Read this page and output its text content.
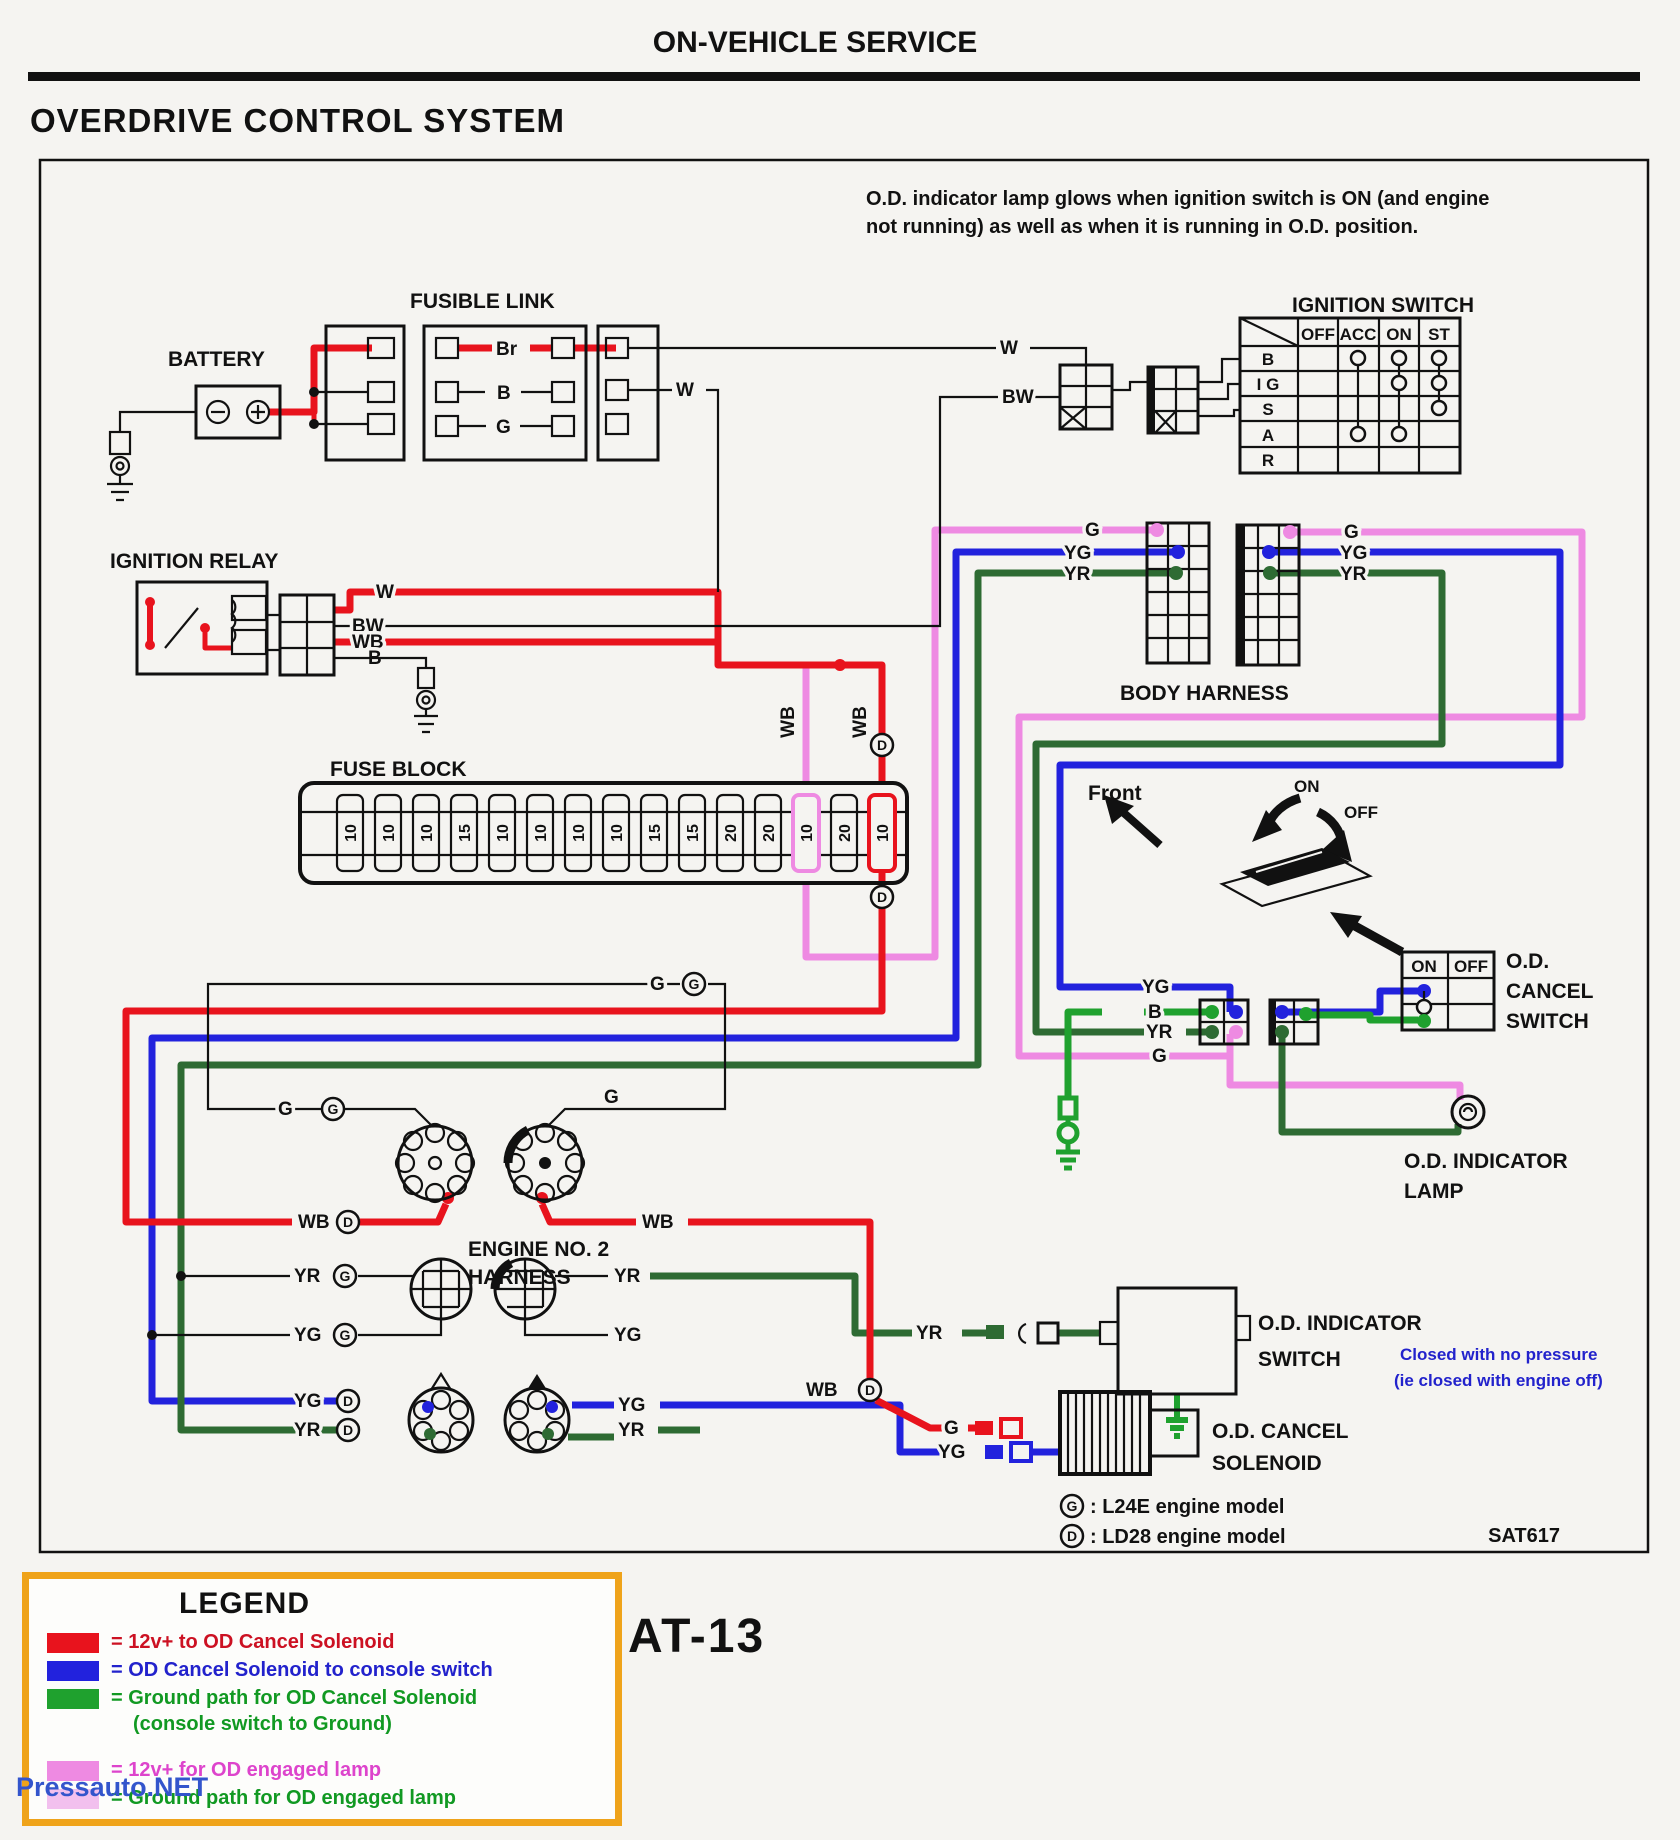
ON-VEHICLE SERVICE
OVERDRIVE CONTROL SYSTEM
O.D. indicator lamp glows when ignition switch is ON (and engine
not running) as well as when it is running in O.D. position.
BATTERY
FUSIBLE LINK
Br
B
G
W
W	BW
IGNITION SWITCH
OFF ACC ON ST
B
I G
S
A
R
IGNITION RELAY
W
BW
WB
B
WB	WB
D
D
FUSE BLOCK
10 10 10 15 10 10 10 10 15 15 20 20 10 20 10
BODY HARNESS
G
YG
YR
G
YG
YR
Front	ON
OFF
ON OFF O.D.
CANCEL
SWITCH
YG
B
YR
G
O.D. INDICATOR
LAMP
G G
G G
G
WB D	WB
WB D
ENGINE NO. 2
HARNESS
YR G
YG G
YR
YG
YG D
YR D
YG
YR
YR	O.D. INDICATOR
SWITCH	Closed with no pressure
(ie closed with engine off)
G
YG
O.D. CANCEL
SOLENOID
G : L24E engine model
D : LD28 engine model	SAT617
AT-13
LEGEND
= 12v+ to OD Cancel Solenoid
= OD Cancel Solenoid to console switch
= Ground path for OD Cancel Solenoid
(console switch to Ground)
= 12v+ for OD engaged lamp
= Ground path for OD engaged lamp
Pressauto.NET
